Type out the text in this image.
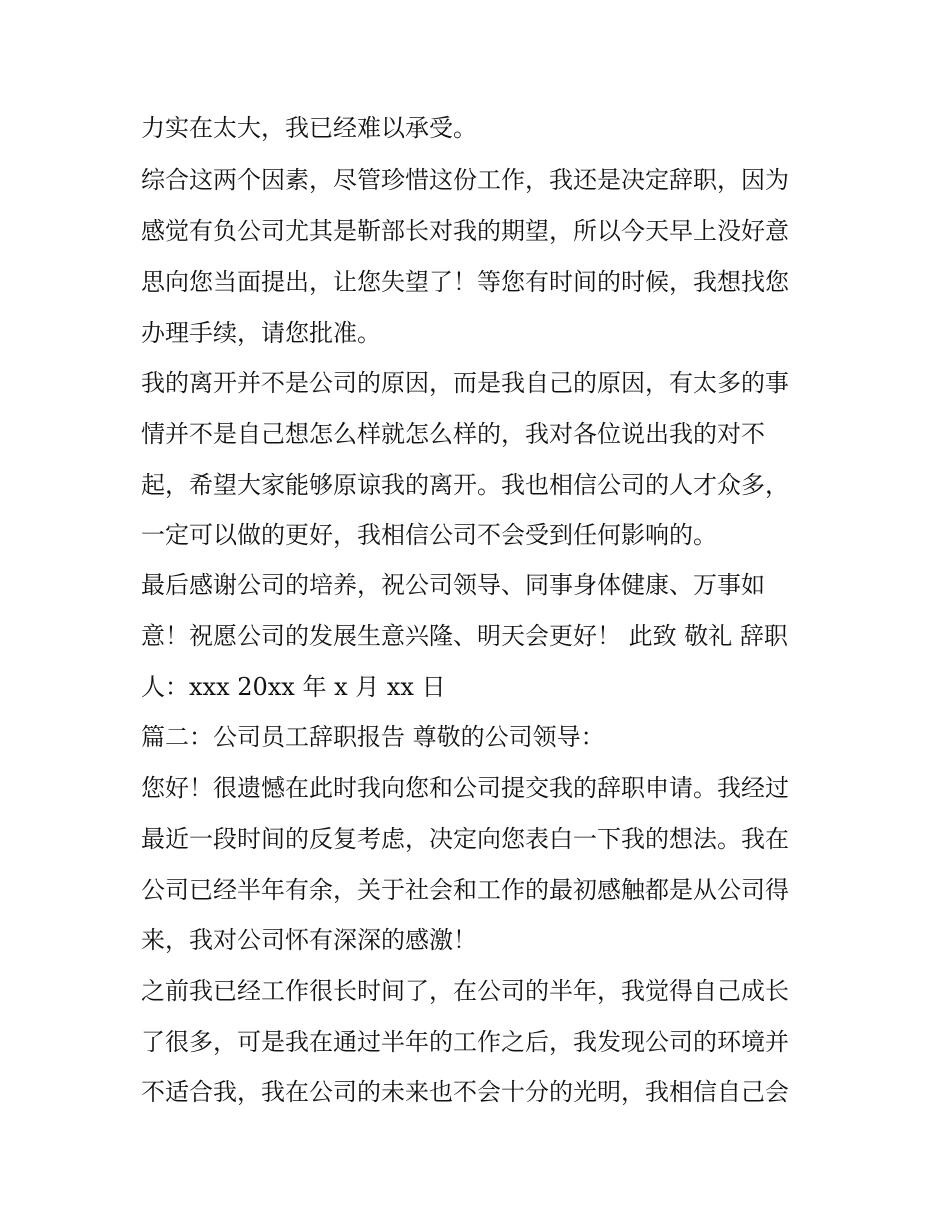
力实在太大，我已经难以承受。

综合这两个因素，尽管珍惜这份工作，我还是决定辞职，因为

感觉有负公司尤其是靳部长对我的期望，所以今天早上没好意

思向您当面提出，让您失望了！等您有时间的时候，我想找您

办理手续，请您批准。

我的离开并不是公司的原因，而是我自己的原因，有太多的事

情并不是自己想怎么样就怎么样的，我对各位说出我的对不

起，希望大家能够原谅我的离开。我也相信公司的人才众多，

一定可以做的更好，我相信公司不会受到任何影响的。

最后感谢公司的培养，祝公司领导、同事身体健康、万事如

意！祝愿公司的发展生意兴隆、明天会更好！ 此致 敬礼 辞职

人：xxx 20xx 年 x 月 xx 日

篇二：公司员工辞职报告 尊敬的公司领导：

您好！很遗憾在此时我向您和公司提交我的辞职申请。我经过

最近一段时间的反复考虑，决定向您表白一下我的想法。我在

公司已经半年有余，关于社会和工作的最初感触都是从公司得

来，我对公司怀有深深的感激！

之前我已经工作很长时间了，在公司的半年，我觉得自己成长

了很多，可是我在通过半年的工作之后，我发现公司的环境并

不适合我，我在公司的未来也不会十分的光明，我相信自己会
